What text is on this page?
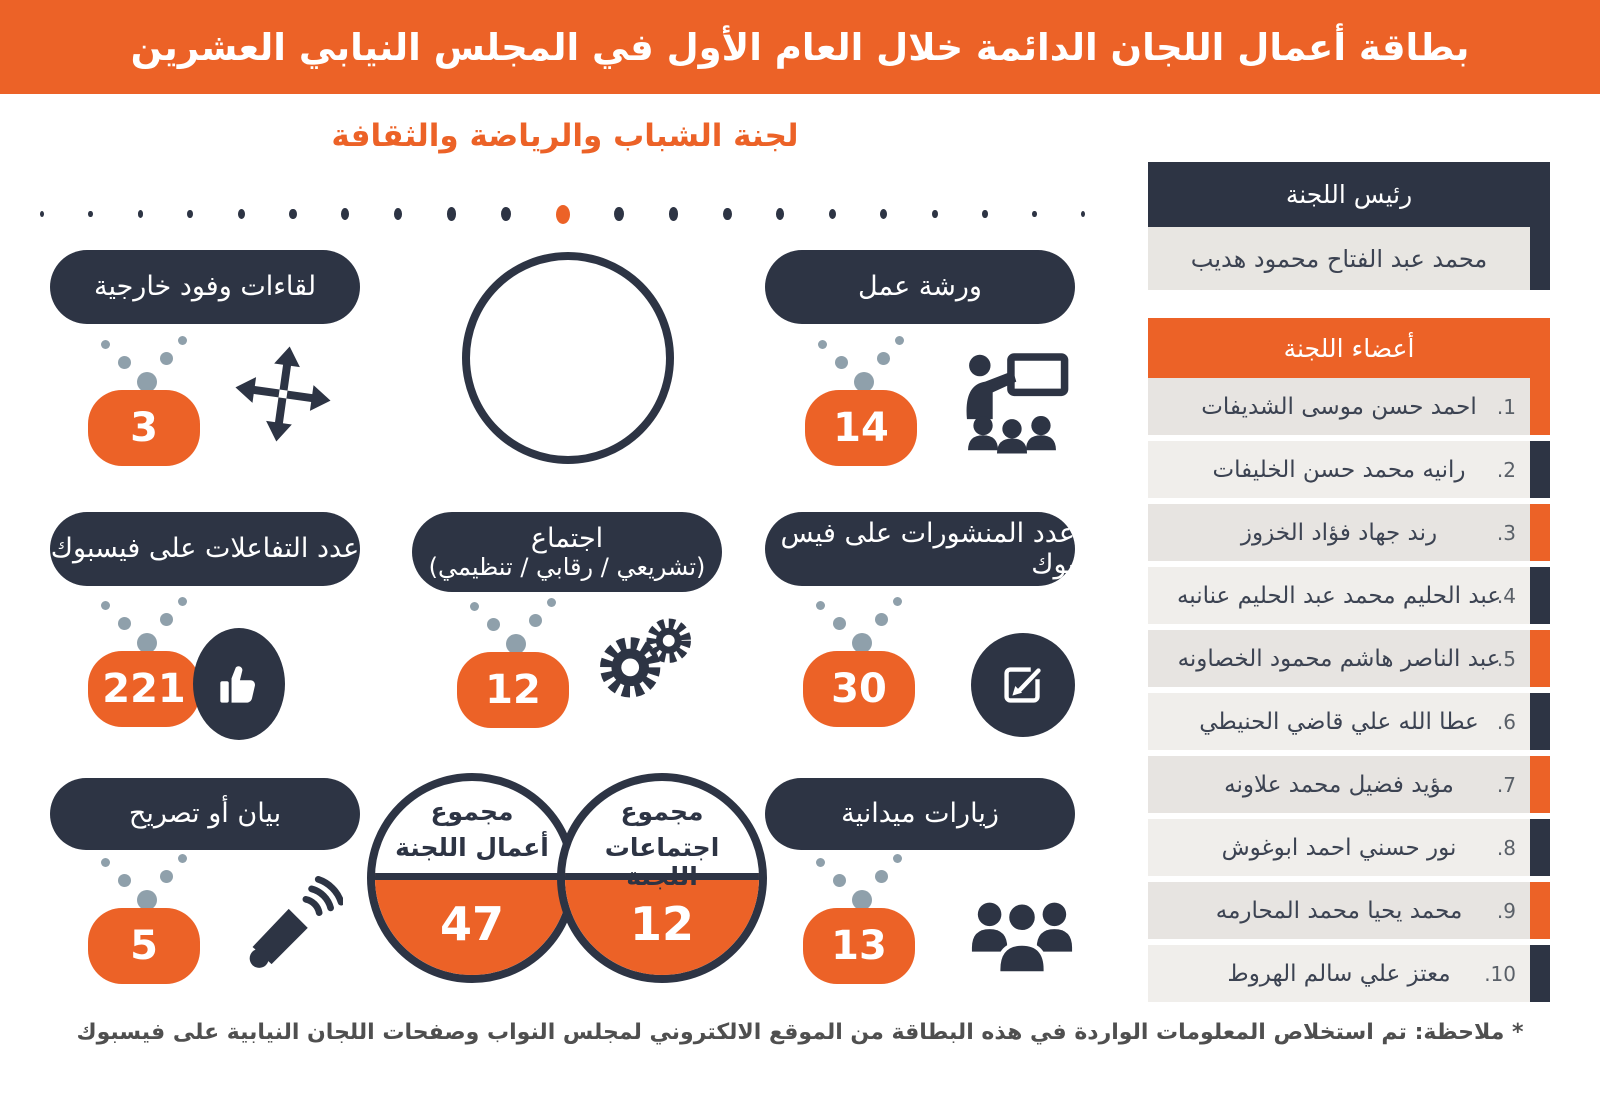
بطاقة أعمال اللجان الدائمة خلال العام الأول في المجلس النيابي العشرين
لجنة الشباب والرياضة والثقافة
لقاءات وفود خارجية
3
ورشة عمل
14
عدد التفاعلات على فيسبوك
221
اجتماع
(تشريعي / رقابي / تنظيمي)
12
عدد المنشورات على فيس بوك
30
بيان أو تصريح
5
مجموع
أعمال اللجنة
47
مجموع
اجتماعات اللجنة
12
زيارات ميدانية
13
رئيس اللجنة
محمد عبد الفتاح محمود هديب
أعضاء اللجنة
.1
احمد حسن موسى الشديفات
.2
رانيه محمد حسن الخليفات
.3
رند جهاد فؤاد الخزوز
.4
عبد الحليم محمد عبد الحليم عنانبه
.5
عبد الناصر هاشم محمود الخصاونه
.6
عطا الله علي قاضي الحنيطي
.7
مؤيد فضيل محمد علاونه
.8
نور حسني احمد ابوغوش
.9
محمد يحيا محمد المحارمه
.10
معتز علي سالم الهروط
* ملاحظة: تم استخلاص المعلومات الواردة في هذه البطاقة من الموقع الالكتروني لمجلس النواب وصفحات اللجان النيابية على فيسبوك
